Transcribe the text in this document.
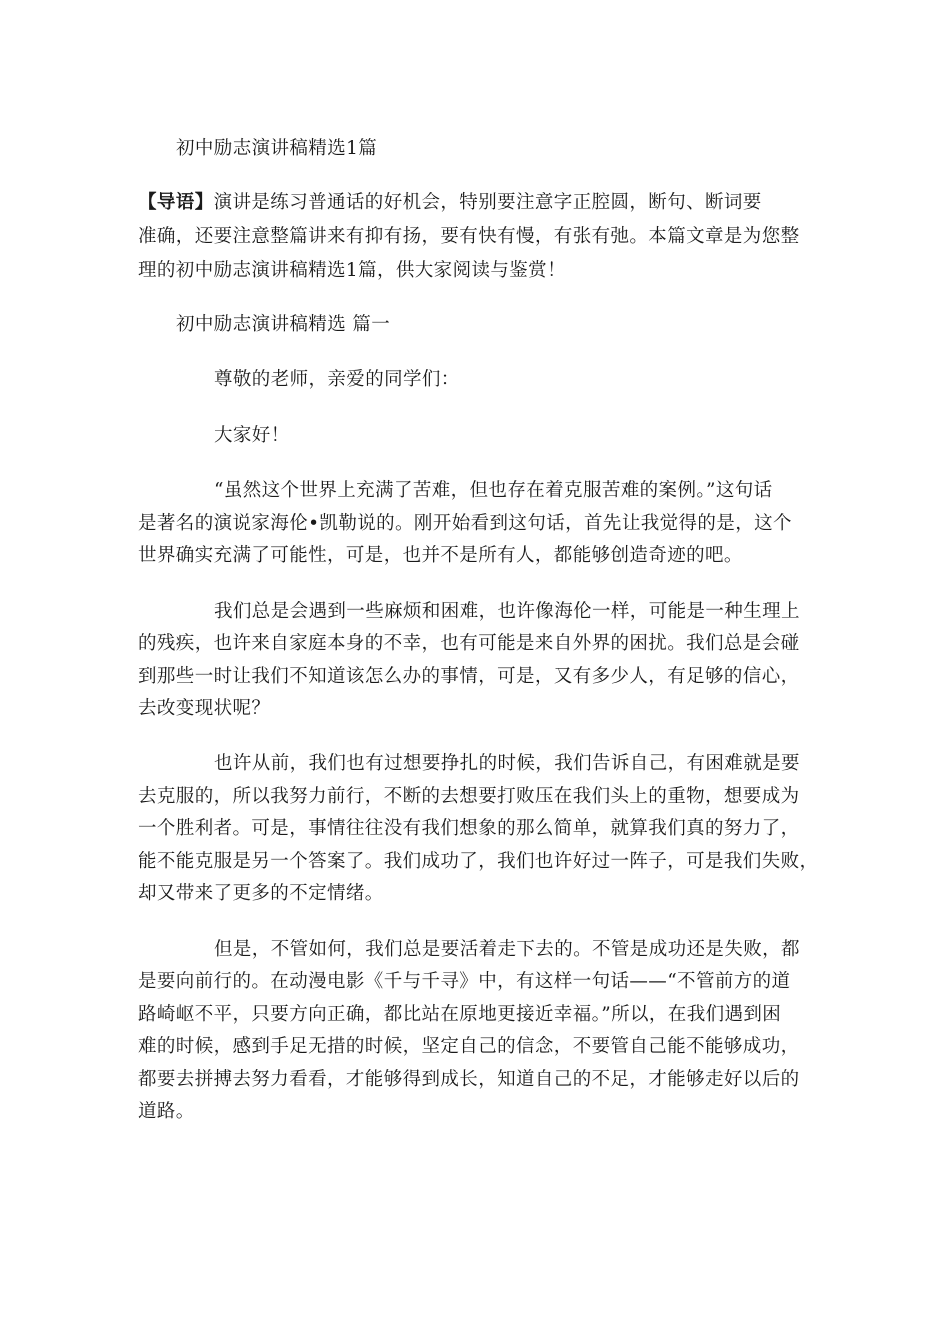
初中励志演讲稿精选1篇
【导语】演讲是练习普通话的好机会，特别要注意字正腔圆，断句、断词要
准确，还要注意整篇讲来有抑有扬，要有快有慢，有张有弛。本篇文章是为您整
理的初中励志演讲稿精选1篇，供大家阅读与鉴赏！
初中励志演讲稿精选 篇一
尊敬的老师，亲爱的同学们：
大家好！
“虽然这个世界上充满了苦难，但也存在着克服苦难的案例。”这句话
是著名的演说家海伦•凯勒说的。刚开始看到这句话，首先让我觉得的是，这个
世界确实充满了可能性，可是，也并不是所有人，都能够创造奇迹的吧。
我们总是会遇到一些麻烦和困难，也许像海伦一样，可能是一种生理上
的残疾，也许来自家庭本身的不幸，也有可能是来自外界的困扰。我们总是会碰
到那些一时让我们不知道该怎么办的事情，可是，又有多少人，有足够的信心，
去改变现状呢？
也许从前，我们也有过想要挣扎的时候，我们告诉自己，有困难就是要
去克服的，所以我努力前行，不断的去想要打败压在我们头上的重物，想要成为
一个胜利者。可是，事情往往没有我们想象的那么简单，就算我们真的努力了，
能不能克服是另一个答案了。我们成功了，我们也许好过一阵子，可是我们失败，
却又带来了更多的不定情绪。
但是，不管如何，我们总是要活着走下去的。不管是成功还是失败，都
是要向前行的。在动漫电影《千与千寻》中，有这样一句话——“不管前方的道
路崎岖不平，只要方向正确，都比站在原地更接近幸福。”所以，在我们遇到困
难的时候，感到手足无措的时候，坚定自己的信念，不要管自己能不能够成功，
都要去拼搏去努力看看，才能够得到成长，知道自己的不足，才能够走好以后的
道路。
